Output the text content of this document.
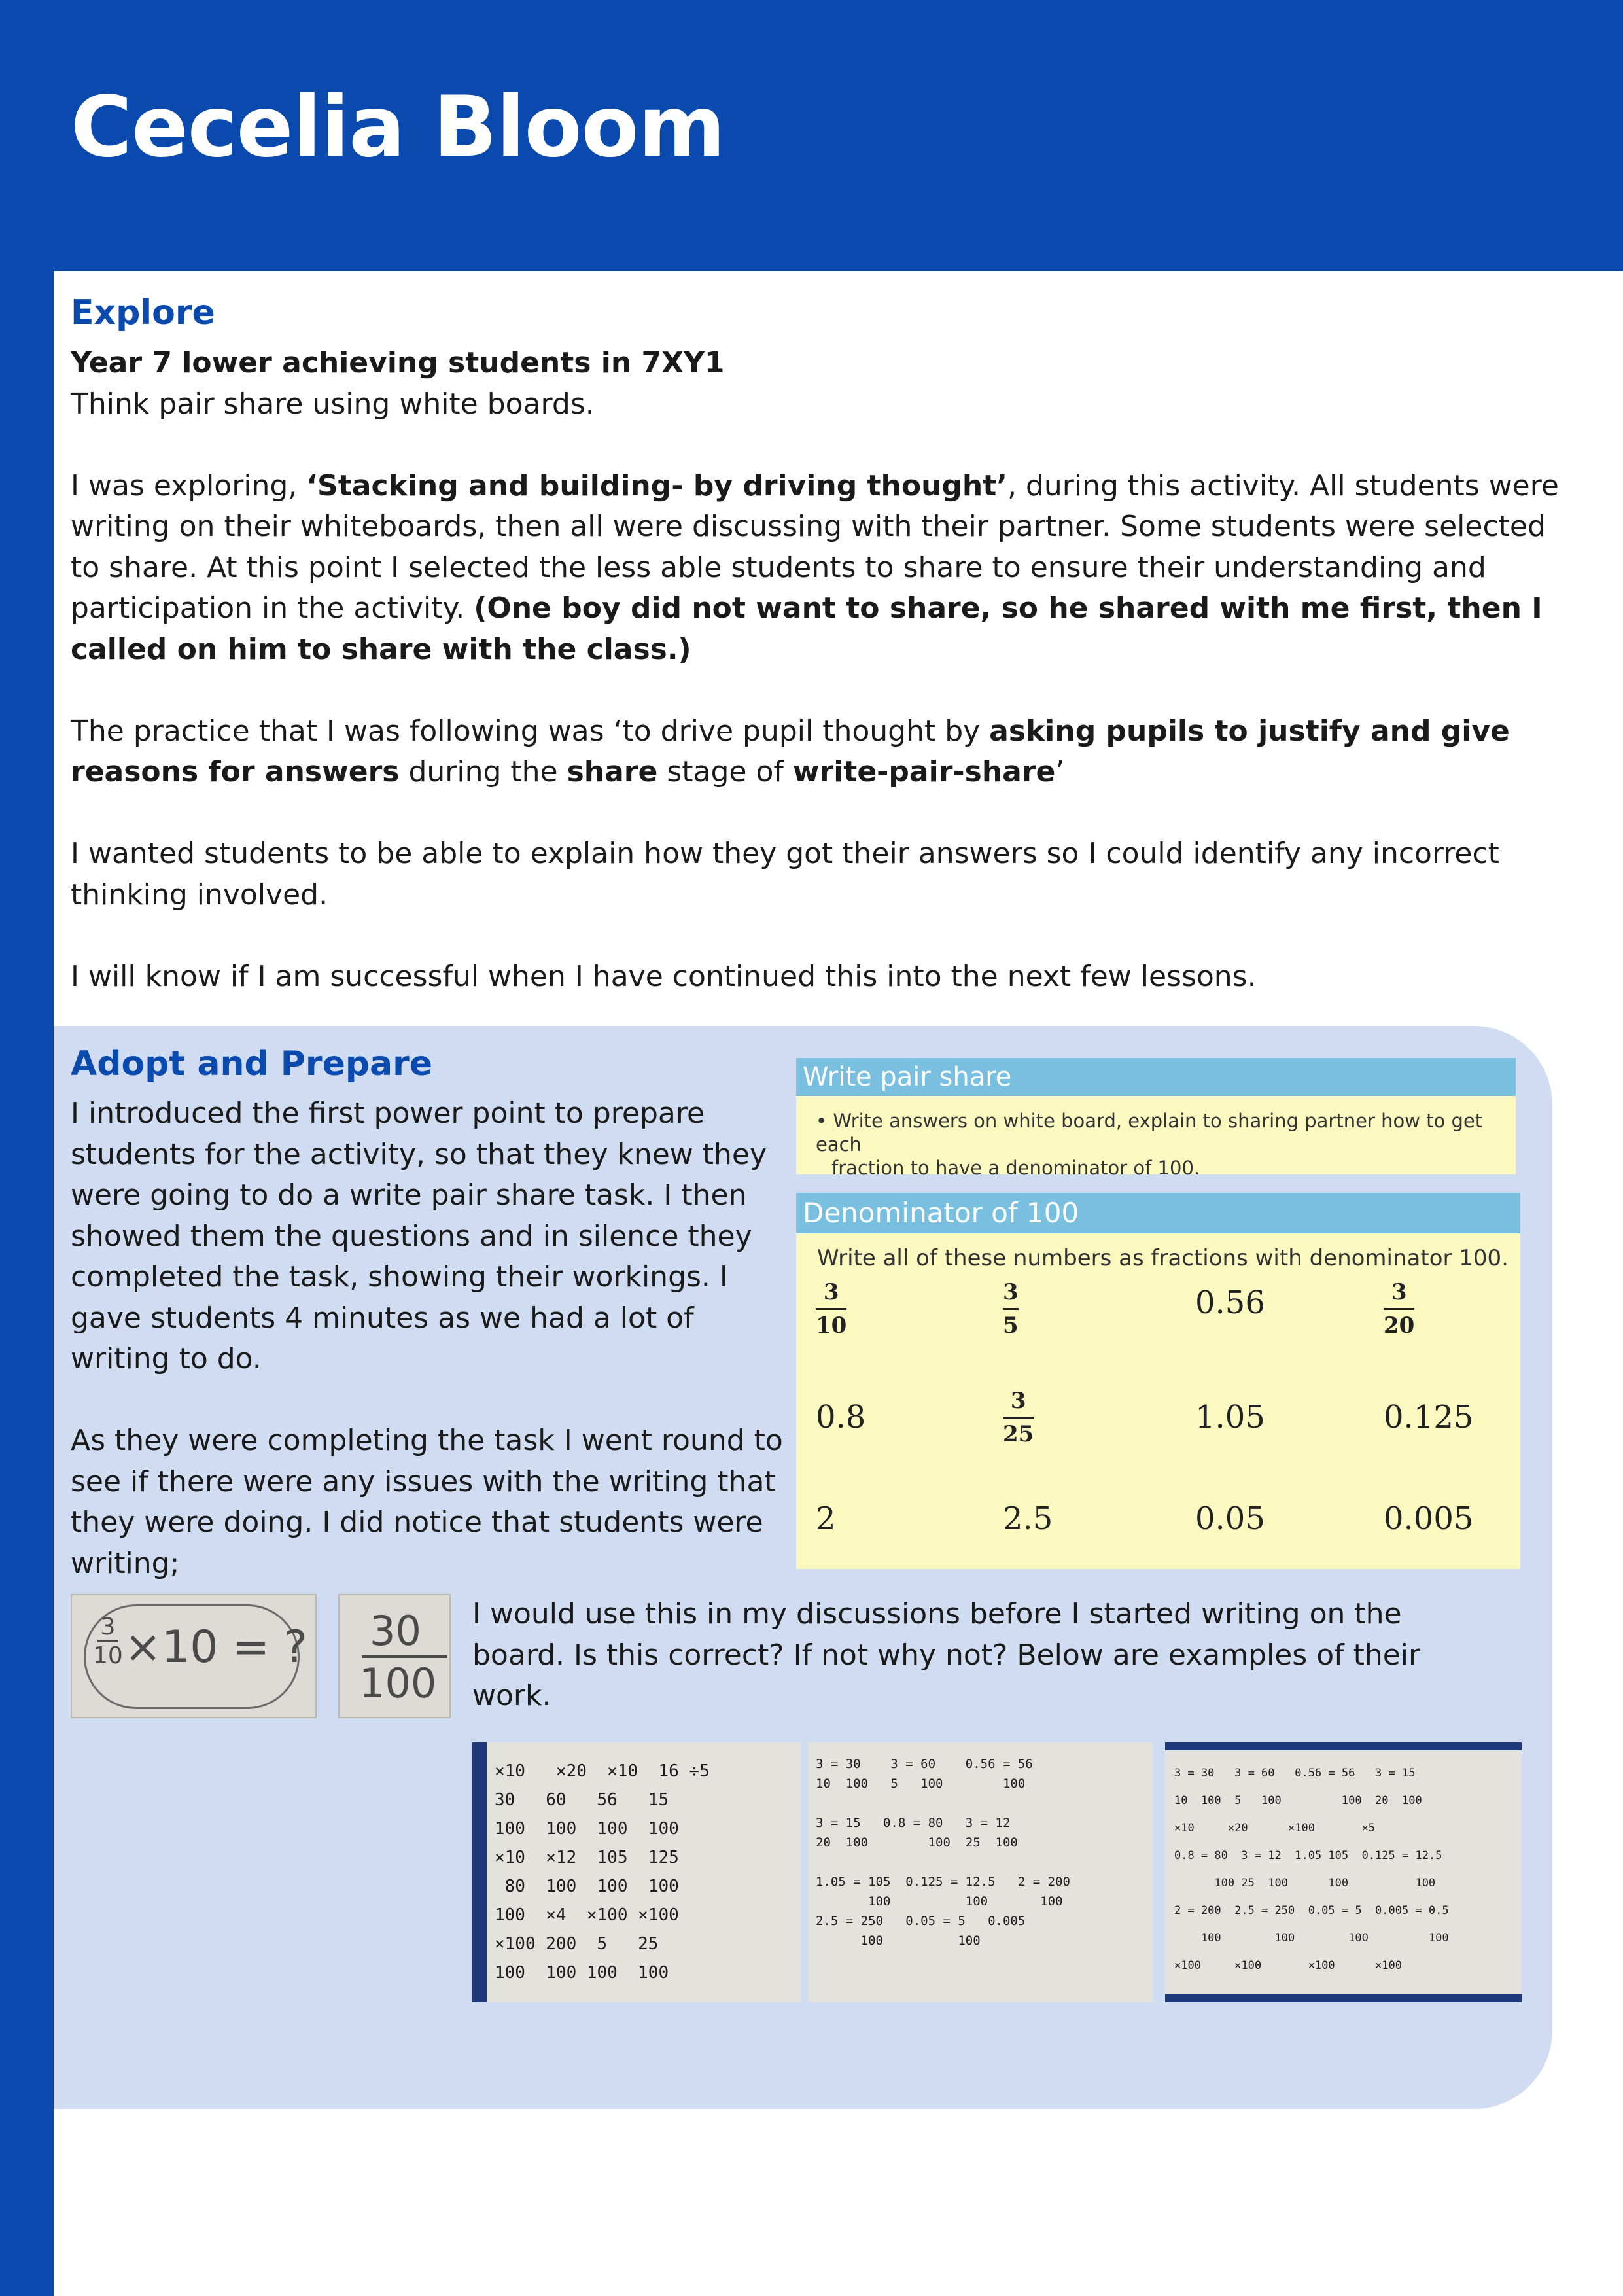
Cecelia Bloom
Explore
Year 7 lower achieving students in 7XY1
Think pair share using white boards.
I was exploring, ‘Stacking and building- by driving thought’, during this activity. All students were writing on their whiteboards, then all were discussing with their partner. Some students were selected to share. At this point I selected the less able students to share to ensure their understanding and participation in the activity. (One boy did not want to share, so he shared with me first, then I called on him to share with the class.)
The practice that I was following was ‘to drive pupil thought by asking pupils to justify and give reasons for answers during the share stage of write-pair-share’
I wanted students to be able to explain how they got their answers so I could identify any incorrect thinking involved.
I will know if I am successful when I have continued this into the next few lessons.
Adopt and Prepare
I introduced the first power point to prepare students for the activity, so that they knew they were going to do a write pair share task. I then showed them the questions and in silence they completed the task, showing their workings. I gave students 4 minutes as we had a lot of writing to do.
As they were completing the task I went round to see if there were any issues with the writing that they were doing. I did notice that students were writing;
Write pair share
• Write answers on white board, explain to sharing partner how to get each
fraction to have a denominator of 100.
Denominator of 100
Write all of these numbers as fractions with denominator 100.
$\frac{3}{10}$	$\frac{3}{5}$	0.56	$\frac{3}{20}$
0.8	$\frac{3}{25}$	1.05	0.125
2	2.5	0.05	0.005
3
10 ×10 = ? 30
100
I would use this in my discussions before I started writing on the board. Is this correct? If not why not? Below are examples of their work.
×10   ×20  ×10  16 ÷5
30   60   56   15
100  100  100  100
×10  ×12  105  125
80  100  100  100
100  ×4  ×100 ×100
×100 200  5   25
100  100 100  100
3 = 30    3 = 60    0.56 = 56
10  100   5   100        100

3 = 15   0.8 = 80   3 = 12
20  100        100  25  100

1.05 = 105  0.125 = 12.5   2 = 200
100          100       100
2.5 = 250   0.05 = 5   0.005
100          100
3 = 30   3 = 60   0.56 = 56   3 = 15
10  100  5   100         100  20  100
×10     ×20      ×100       ×5
0.8 = 80  3 = 12  1.05 105  0.125 = 12.5
100 25  100      100          100
2 = 200  2.5 = 250  0.05 = 5  0.005 = 0.5
100        100        100         100
×100     ×100       ×100      ×100
